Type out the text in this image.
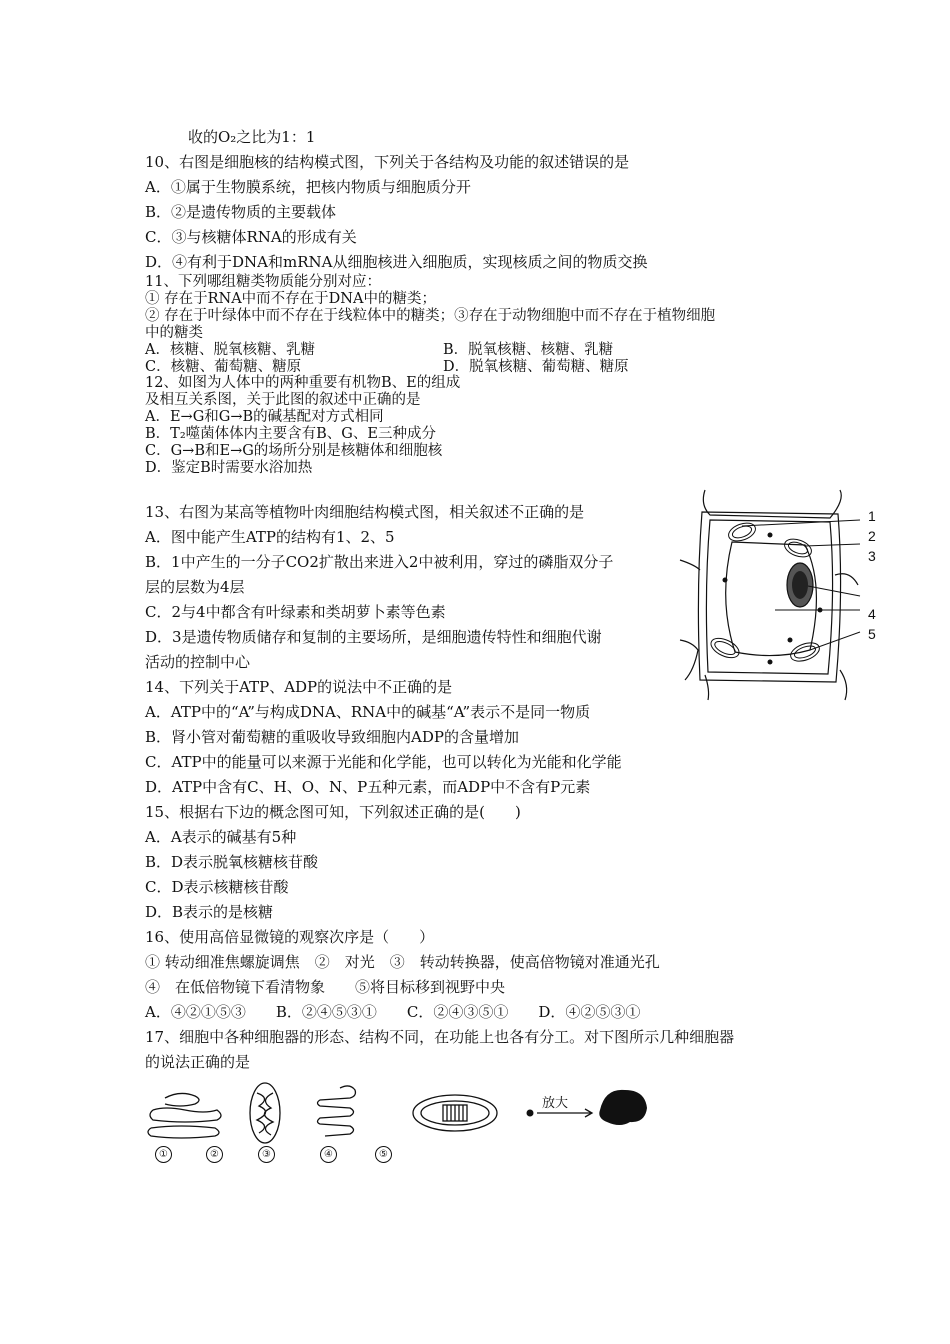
收的O₂之比为1：1
10、右图是细胞核的结构模式图，下列关于各结构及功能的叙述错误的是
A．①属于生物膜系统，把核内物质与细胞质分开
B．②是遗传物质的主要载体
C．③与核糖体RNA的形成有关
D．④有利于DNA和mRNA从细胞核进入细胞质，实现核质之间的物质交换
11、下列哪组糖类物质能分别对应：
① 存在于RNA中而不存在于DNA中的糖类；
② 存在于叶绿体中而不存在于线粒体中的糖类；③存在于动物细胞中而不存在于植物细胞
中的糖类
A．核糖、脱氧核糖、乳糖	B．脱氧核糖、核糖、乳糖
C．核糖、葡萄糖、糖原	D．脱氧核糖、葡萄糖、糖原
12、如图为人体中的两种重要有机物B、E的组成
及相互关系图，关于此图的叙述中正确的是
A．E→G和G→B的碱基配对方式相同
B．T₂噬菌体体内主要含有B、G、E三种成分
C．G→B和E→G的场所分别是核糖体和细胞核
D．鉴定B时需要水浴加热
13、右图为某高等植物叶肉细胞结构模式图，相关叙述不正确的是
A．图中能产生ATP的结构有1、2、5
B．1中产生的一分子CO2扩散出来进入2中被利用，穿过的磷脂双分子
层的层数为4层
C．2与4中都含有叶绿素和类胡萝卜素等色素
D．3是遗传物质储存和复制的主要场所，是细胞遗传特性和细胞代谢
活动的控制中心
14、下列关于ATP、ADP的说法中不正确的是
A．ATP中的“A”与构成DNA、RNA中的碱基“A”表示不是同一物质
B．肾小管对葡萄糖的重吸收导致细胞内ADP的含量增加
C．ATP中的能量可以来源于光能和化学能，也可以转化为光能和化学能
D．ATP中含有C、H、O、N、P五种元素，而ADP中不含有P元素
15、根据右下边的概念图可知，下列叙述正确的是(　　)
A．A表示的碱基有5种
B．D表示脱氧核糖核苷酸
C．D表示核糖核苷酸
D．B表示的是核糖
16、使用高倍显微镜的观察次序是（　　）
① 转动细准焦螺旋调焦　②　对光　③　转动转换器，使高倍物镜对准通光孔
④　在低倍物镜下看清物象　　⑤将目标移到视野中央
A．④②①⑤③　　B．②④⑤③①　　C．②④③⑤①　　D．④②⑤③①
17、细胞中各种细胞器的形态、结构不同，在功能上也各有分工。对下图所示几种细胞器
的说法正确的是
1
2
3
4
5
放大
①	②	③	④	⑤
